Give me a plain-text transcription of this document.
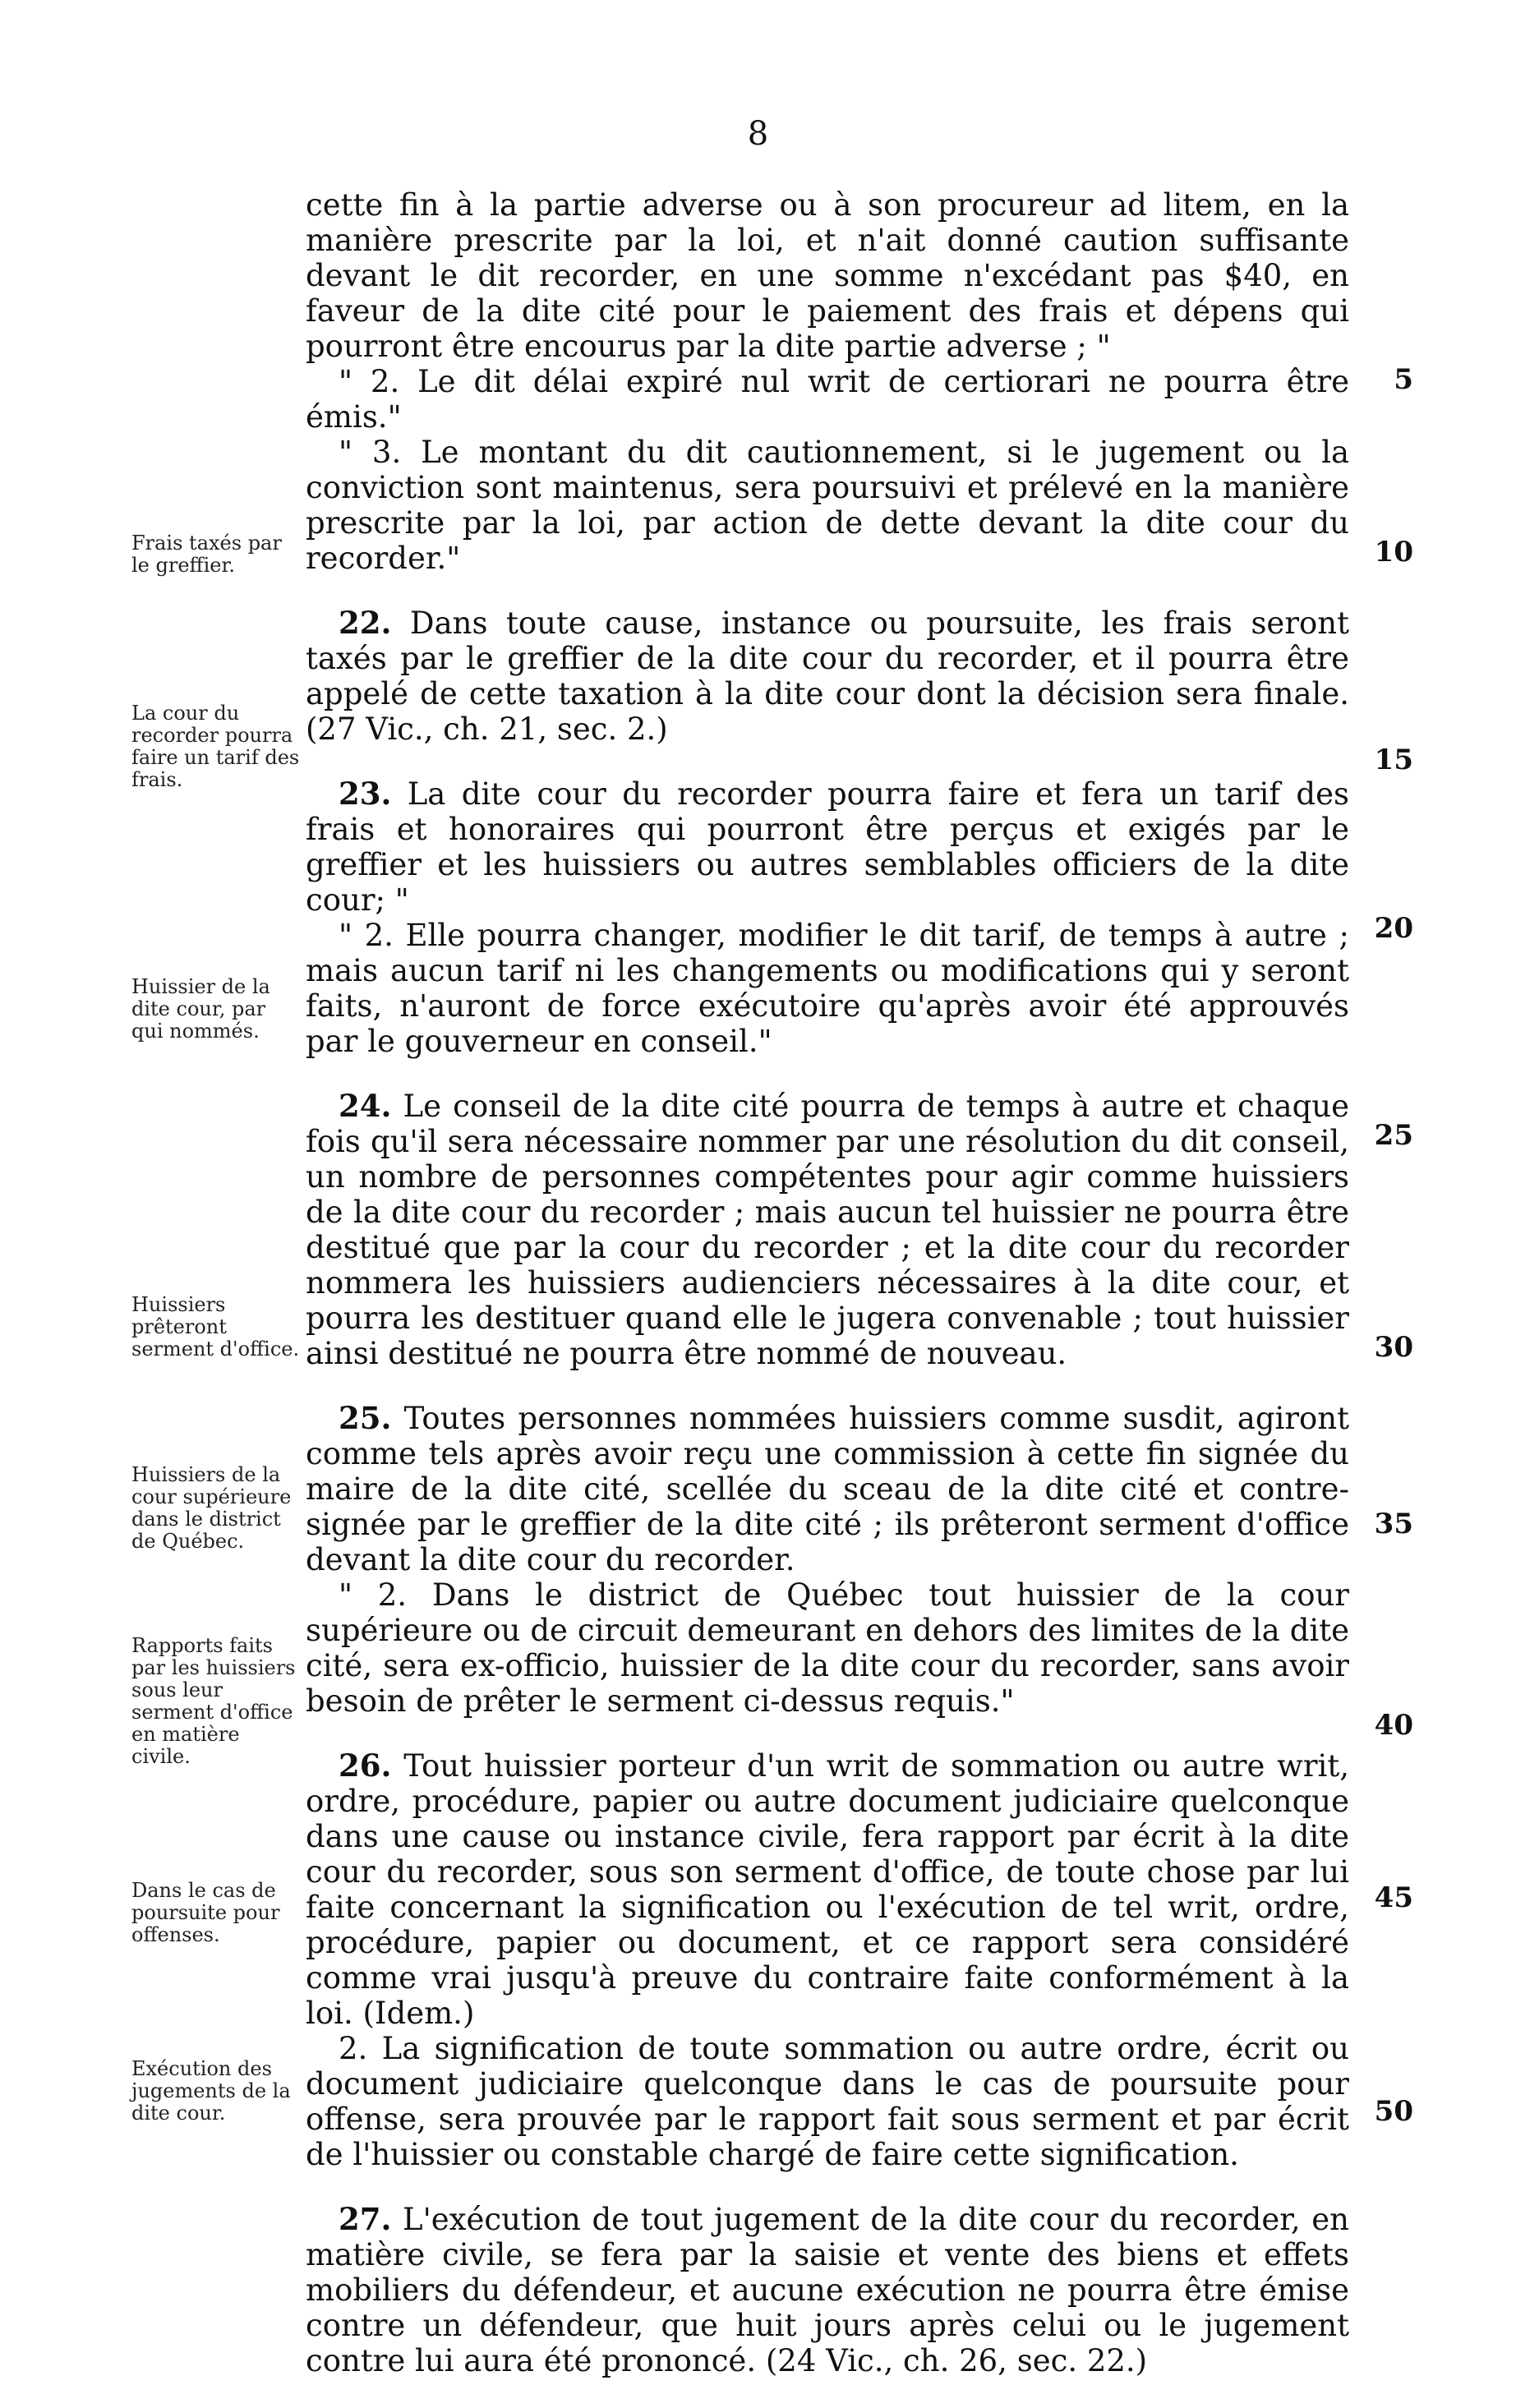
8

cette fin à la partie adverse ou à son procureur ad litem, en la manière prescrite par la loi, et n'ait donné caution suffisante devant le dit recorder, en une somme n'excédant pas $40, en faveur de la dite cité pour le paiement des frais et dépens qui pourront être encourus par la dite partie adverse ; "

" 2. Le dit délai expiré nul writ de certiorari ne pourra être émis."

" 3. Le montant du dit cautionnement, si le jugement ou la conviction sont maintenus, sera poursuivi et prélevé en la manière prescrite par la loi, par action de dette devant la dite cour du recorder."

22. Dans toute cause, instance ou poursuite, les frais seront taxés par le greffier de la dite cour du recorder, et il pourra être appelé de cette taxation à la dite cour dont la décision sera finale. (27 Vic., ch. 21, sec. 2.)

23. La dite cour du recorder pourra faire et fera un tarif des frais et honoraires qui pourront être perçus et exigés par le greffier et les huissiers ou autres semblables officiers de la dite cour; "

" 2. Elle pourra changer, modifier le dit tarif, de temps à autre ; mais aucun tarif ni les changements ou modifications qui y seront faits, n'auront de force exécutoire qu'après avoir été approuvés par le gouverneur en conseil."

24. Le conseil de la dite cité pourra de temps à autre et chaque fois qu'il sera nécessaire nommer par une résolution du dit conseil, un nombre de personnes compétentes pour agir comme huissiers de la dite cour du recorder ; mais aucun tel huissier ne pourra être destitué que par la cour du recorder ; et la dite cour du recorder nommera les huissiers audienciers nécessaires à la dite cour, et pourra les destituer quand elle le jugera convenable ; tout huissier ainsi destitué ne pourra être nommé de nouveau.

25. Toutes personnes nommées huissiers comme susdit, agiront comme tels après avoir reçu une commission à cette fin signée du maire de la dite cité, scellée du sceau de la dite cité et contre-signée par le greffier de la dite cité ; ils prêteront serment d'office devant la dite cour du recorder.

" 2. Dans le district de Québec tout huissier de la cour supérieure ou de circuit demeurant en dehors des limites de la dite cité, sera ex-officio, huissier de la dite cour du recorder, sans avoir besoin de prêter le serment ci-dessus requis."

26. Tout huissier porteur d'un writ de sommation ou autre writ, ordre, procédure, papier ou autre document judiciaire quelconque dans une cause ou instance civile, fera rapport par écrit à la dite cour du recorder, sous son serment d'office, de toute chose par lui faite concernant la signification ou l'exécution de tel writ, ordre, procédure, papier ou document, et ce rapport sera considéré comme vrai jusqu'à preuve du contraire faite conformément à la loi. (Idem.)

2. La signification de toute sommation ou autre ordre, écrit ou document judiciaire quelconque dans le cas de poursuite pour offense, sera prouvée par le rapport fait sous serment et par écrit de l'huissier ou constable chargé de faire cette signification.

27. L'exécution de tout jugement de la dite cour du recorder, en matière civile, se fera par la saisie et vente des biens et effets mobiliers du défendeur, et aucune exécution ne pourra être émise contre un défendeur, que huit jours après celui ou le jugement contre lui aura été prononcé. (24 Vic., ch. 26, sec. 22.)

Frais taxés par le greffier.
La cour du recorder pourra faire un tarif des frais.
Huissier de la dite cour, par qui nommés.
Huissiers prêteront serment d'office.
Huissiers de la cour supérieure dans le district de Québec.
Rapports faits par les huissiers sous leur serment d'office en matière civile.
Dans le cas de poursuite pour offenses.
Exécution des jugements de la dite cour.
5
10
15
20
25
30
35
40
45
50
